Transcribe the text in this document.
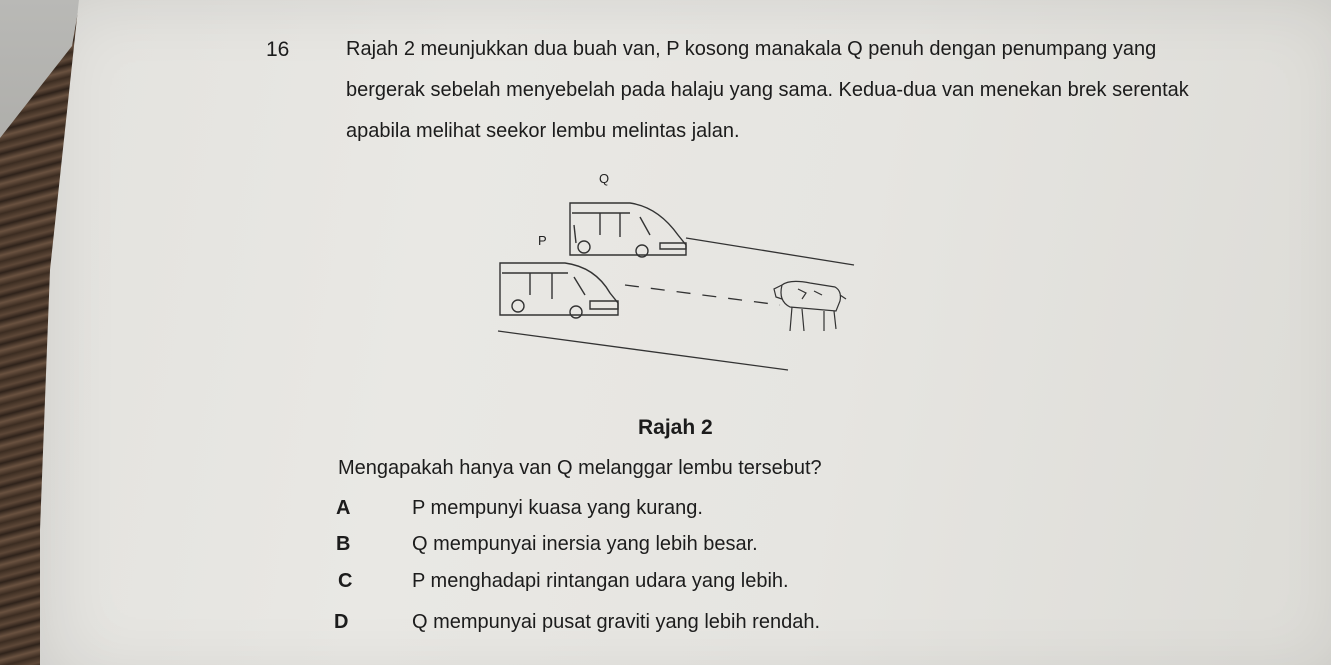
16	Rajah 2 meunjukkan dua buah van, P kosong manakala Q penuh dengan penumpang yang
bergerak sebelah menyebelah pada halaju yang sama. Kedua-dua van menekan brek serentak
apabila melihat seekor lembu melintas jalan.
Q
P
Rajah 2
Mengapakah hanya van Q melanggar lembu tersebut?
A	P mempunyi kuasa yang kurang.
B	Q mempunyai inersia yang lebih besar.
C	P menghadapi rintangan udara yang lebih.
D	Q mempunyai pusat graviti yang lebih rendah.
